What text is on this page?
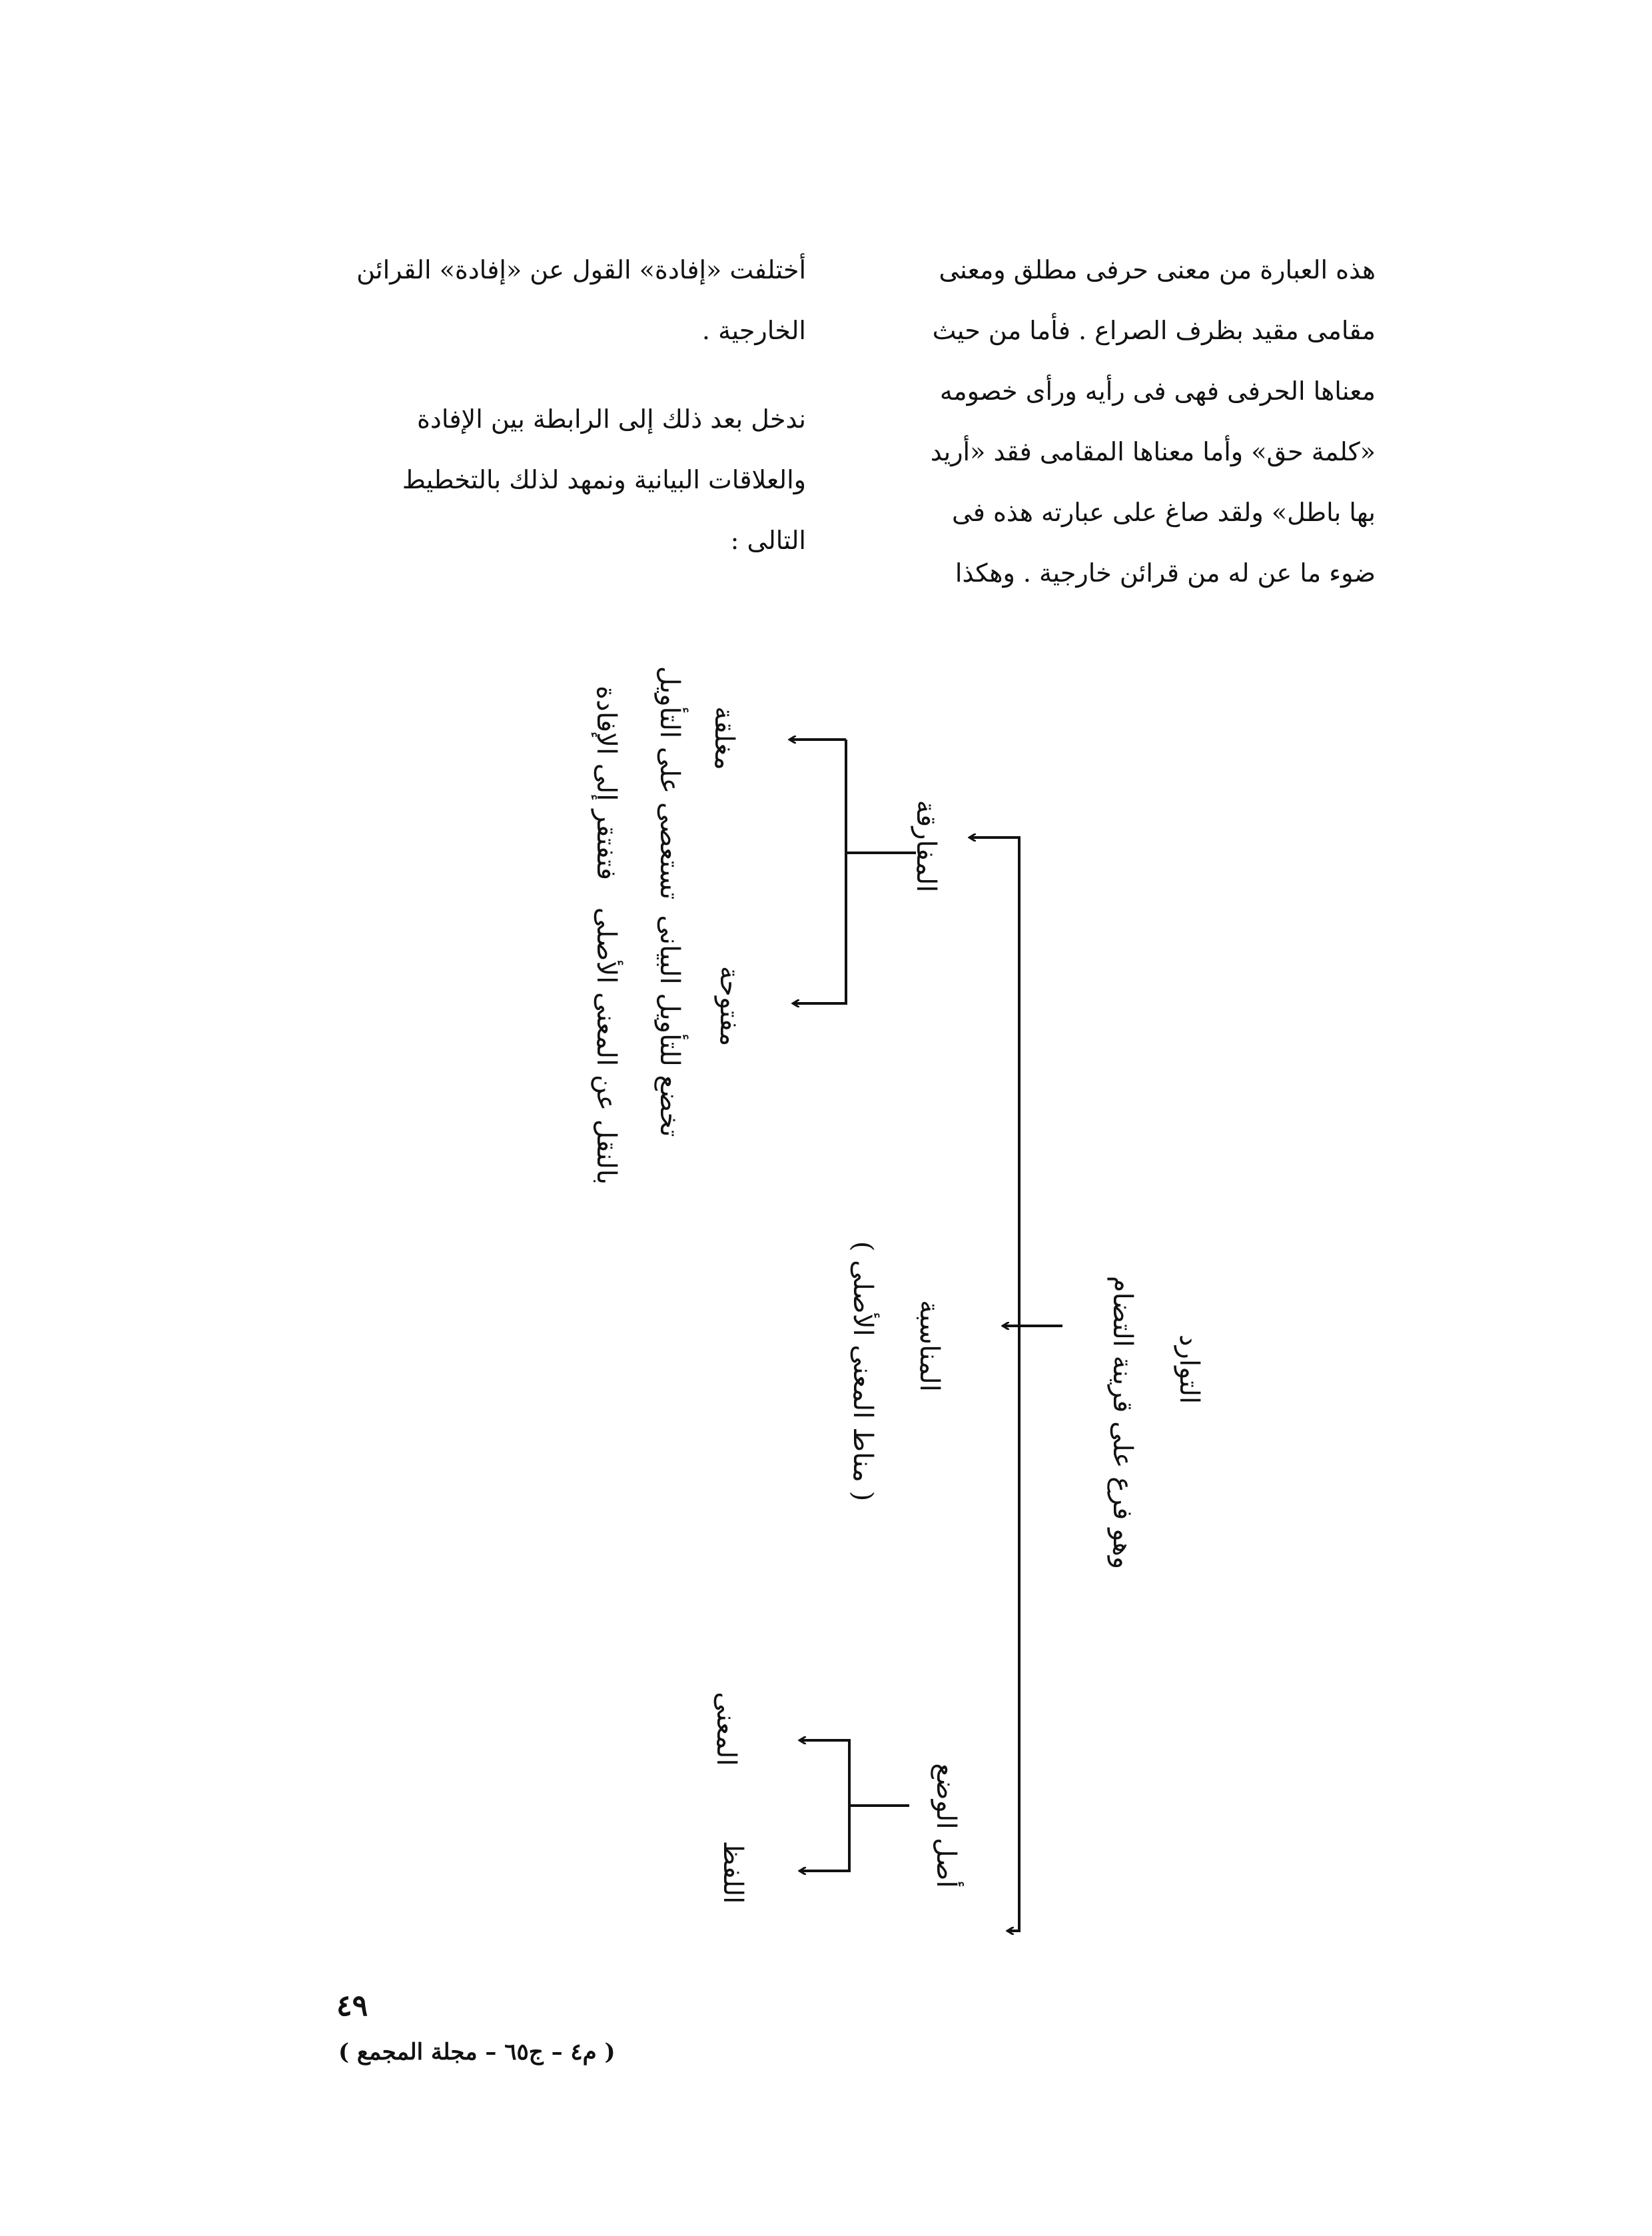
هذه العبارة من معنى حرفى مطلق ومعنى

مقامى مقيد بظرف الصراع . فأما من حيث

معناها الحرفى فهى فى رأيه ورأى خصومه

«كلمة حق» وأما معناها المقامى فقد «أريد

بها باطل» ولقد صاغ على عبارته هذه فى

ضوء ما عن له من قرائن خارجية . وهكذا

أختلفت «إفادة» القول عن «إفادة» القرائن

الخارجية .

ندخل بعد ذلك إلى الرابطة بين الإفادة

والعلاقات البيانية ونمهد لذلك بالتخطيط

التالى :

التوارد
وهو فرع على قرينة التضام
المفارقة
المناسبة
( مناط المعنى الأصلى )
أصل الوضع
مغلقة
تستعصى على التأويل
فتفتقر إلى الإفادة
مفتوحة
تخضع للتأويل البيانى
بالنقل عن المعنى الأصلى
المعنى
اللفظ
٤٩
( م٤ – ج٦٥ – مجلة المجمع )
